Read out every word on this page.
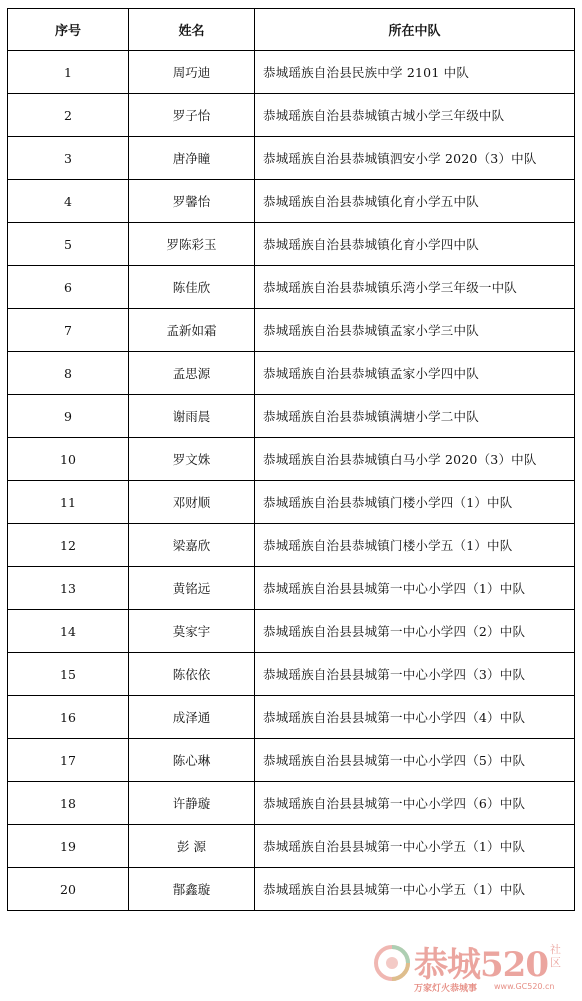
序号	姓名	所在中队
1	周巧迪	恭城瑶族自治县民族中学 2101 中队
2	罗子怡	恭城瑶族自治县恭城镇古城小学三年级中队
3	唐净瞳	恭城瑶族自治县恭城镇泗安小学 2020（3）中队
4	罗馨怡	恭城瑶族自治县恭城镇化育小学五中队
5	罗陈彩玉	恭城瑶族自治县恭城镇化育小学四中队
6	陈佳欣	恭城瑶族自治县恭城镇乐湾小学三年级一中队
7	孟新如霜	恭城瑶族自治县恭城镇孟家小学三中队
8	孟思源	恭城瑶族自治县恭城镇孟家小学四中队
9	谢雨晨	恭城瑶族自治县恭城镇满塘小学二中队
10	罗文姝	恭城瑶族自治县恭城镇白马小学 2020（3）中队
11	邓财顺	恭城瑶族自治县恭城镇门楼小学四（1）中队
12	梁嘉欣	恭城瑶族自治县恭城镇门楼小学五（1）中队
13	黄铭远	恭城瑶族自治县县城第一中心小学四（1）中队
14	莫家宇	恭城瑶族自治县县城第一中心小学四（2）中队
15	陈依依	恭城瑶族自治县县城第一中心小学四（3）中队
16	成泽通	恭城瑶族自治县县城第一中心小学四（4）中队
17	陈心琳	恭城瑶族自治县县城第一中心小学四（5）中队
18	许静璇	恭城瑶族自治县县城第一中心小学四（6）中队
19	彭 源	恭城瑶族自治县县城第一中心小学五（1）中队
20	鄁鑫璇	恭城瑶族自治县县城第一中心小学五（1）中队
恭城520 社区
万家灯火恭城事 www.GC520.cn
